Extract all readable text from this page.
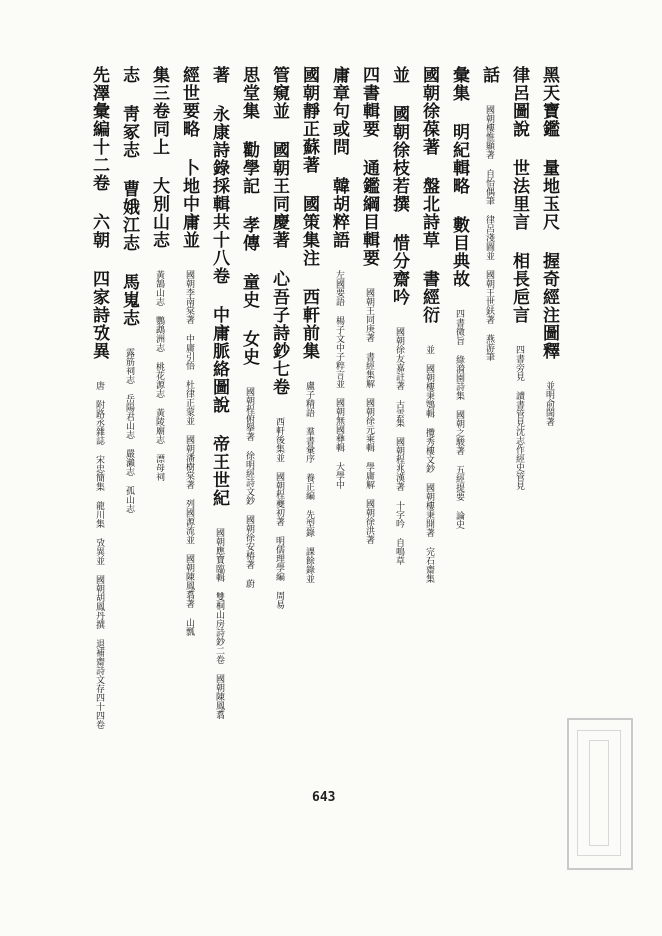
黑天寶鑑 量地玉尺 握奇經注圖釋 並明俞誾著
律呂圖說 世法里言 相長巵言 四書旁見 讀書管見沈志作經史管見
話 國朝樓惟顯著 自怡偶筆 律呂淺圖並 國朝王世鈇著 燕游筆
彙集 明紀輯略 數目典故 四書微旨 綠漪園詩集 國朝之駿著 五經提要 論史
國朝徐葆著 盤北詩草 書經衍 並 國朝樓秉鶚輯 攬秀樓文鈔 國朝樓秉開著 完石齋集
並 國朝徐枝若撰 惜分齋吟 國朝徐友嘉註著 古雲集 國朝程兆漢著 十字吟 自鳴草
四書輯要 通鑑綱目輯要 國朝王同庚著 書經集解 國朝徐元乘輯 學庸解 國朝徐洪著
庸章句或問 韓胡粹語 左國要語 楊子文中子粹言並 國朝無國彝輯 大學中
國朝靜正蘇著 國策集注 西軒前集 盧子精語 羣書彙序 養正編 先型錄 課餘錄並
管窺並 國朝王同慶著 心吾子詩鈔七卷 西軒後集並 國朝程夔初著 明儒理學編 周易
思堂集 勸學記 孝傳 童史 女史 國朝程俯擧著 徐明經詩文鈔 國朝徐安椿著 蔚
著 永康詩錄採輯共十八卷 中庸脈絡圖說 帝王世紀 國朝應寶臨輯 雙桐山房詩鈔二卷 國朝陳鳳翥
經世要略 卜地中庸並 國朝李南棠著 中庸引悟 杜律正蒙並 國朝潘樹棠著 列國源流並 國朝陳鳳翥著 山瓢
集三卷同上 大別山志 黃鵠山志 鸚鵡洲志 桃花源志 黃陵廟志 漂母祠
志 靑冢志 曹娥江志 馬嵬志 露筋祠志 岳陽君山志 嚴瀨志 孤山志
先澤彙編十二卷 六朝 四家詩攷異 唐 附路丞雜誌 宋忠簡集 龍川集 攷異並 國朝胡鳳丹撰 退補齋詩文存四十四卷
643
